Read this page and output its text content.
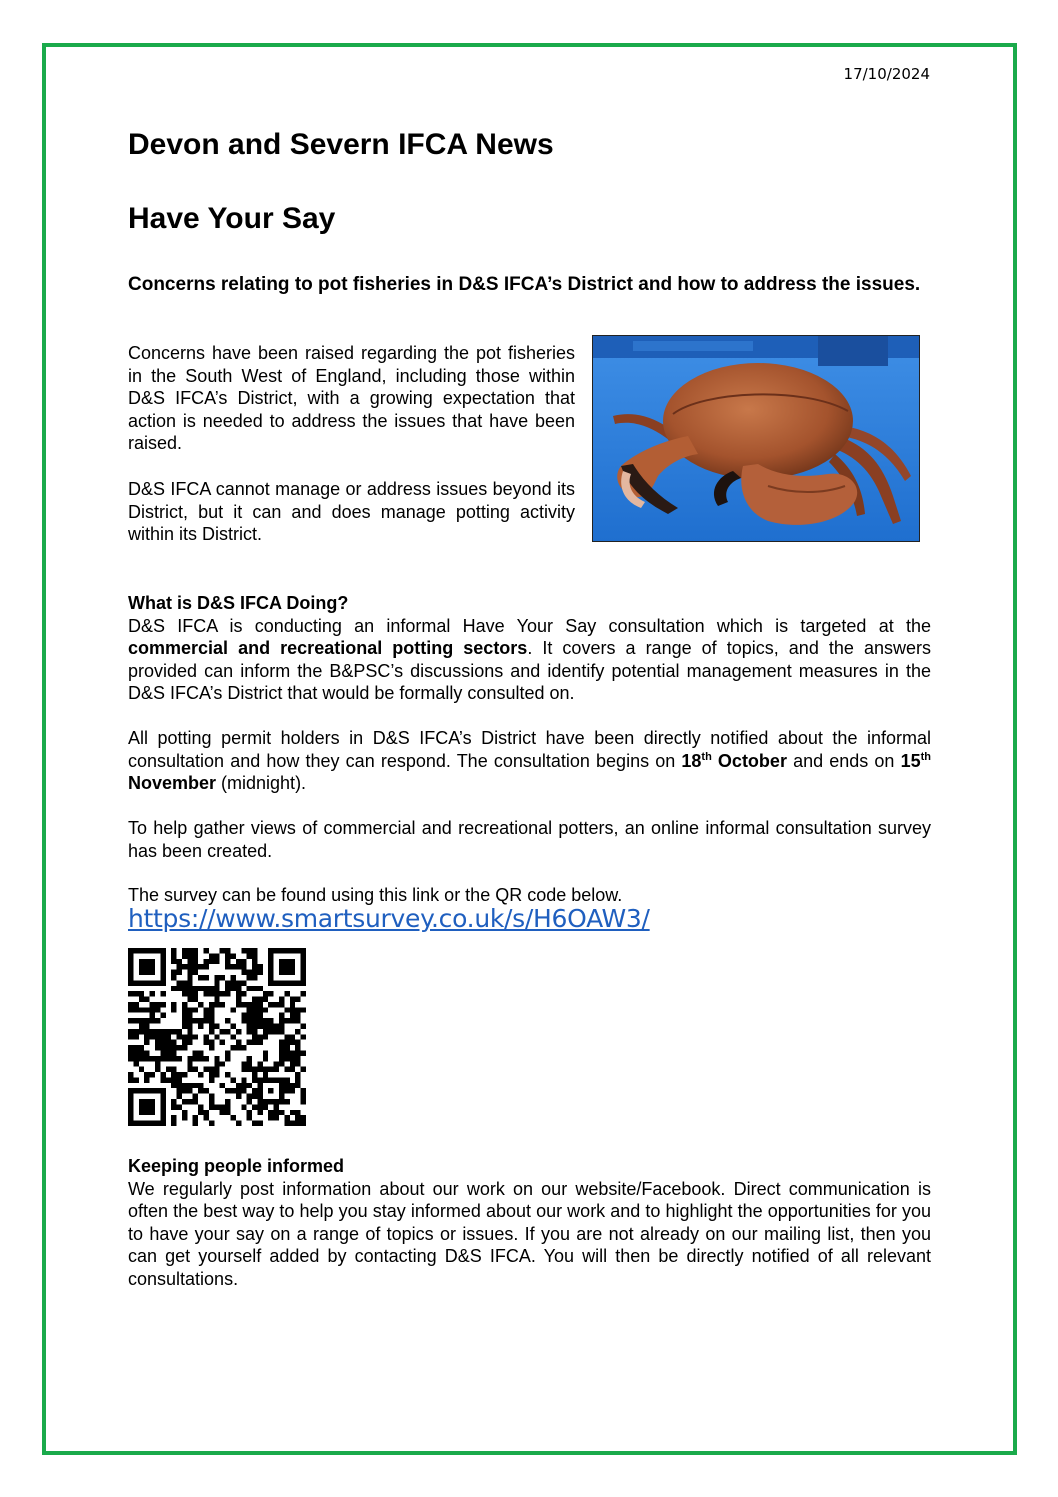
17/10/2024
Devon and Severn IFCA News
Have Your Say
Concerns relating to pot fisheries in D&S IFCA’s District and how to address the issues.

Concerns have been raised regarding the pot fisheries in the South West of England, including those within D&S IFCA’s District, with a growing expectation that action is needed to address the issues that have been raised.

D&S IFCA cannot manage or address issues beyond its District, but it can and does manage potting activity within its District.

What is D&S IFCA Doing?

D&S IFCA is conducting an informal Have Your Say consultation which is targeted at the commercial and recreational potting sectors. It covers a range of topics, and the answers provided can inform the B&PSC’s discussions and identify potential management measures in the D&S IFCA’s District that would be formally consulted on.

All potting permit holders in D&S IFCA’s District have been directly notified about the informal consultation and how they can respond. The consultation begins on 18th October and ends on 15th November (midnight).

To help gather views of commercial and recreational potters, an online informal consultation survey has been created.

The survey can be found using this link or the QR code below.

https://www.smartsurvey.co.uk/s/H6OAW3/

Keeping people informed

We regularly post information about our work on our website/Facebook. Direct communication is often the best way to help you stay informed about our work and to highlight the opportunities for you to have your say on a range of topics or issues. If you are not already on our mailing list, then you can get yourself added by contacting D&S IFCA. You will then be directly notified of all relevant consultations.
